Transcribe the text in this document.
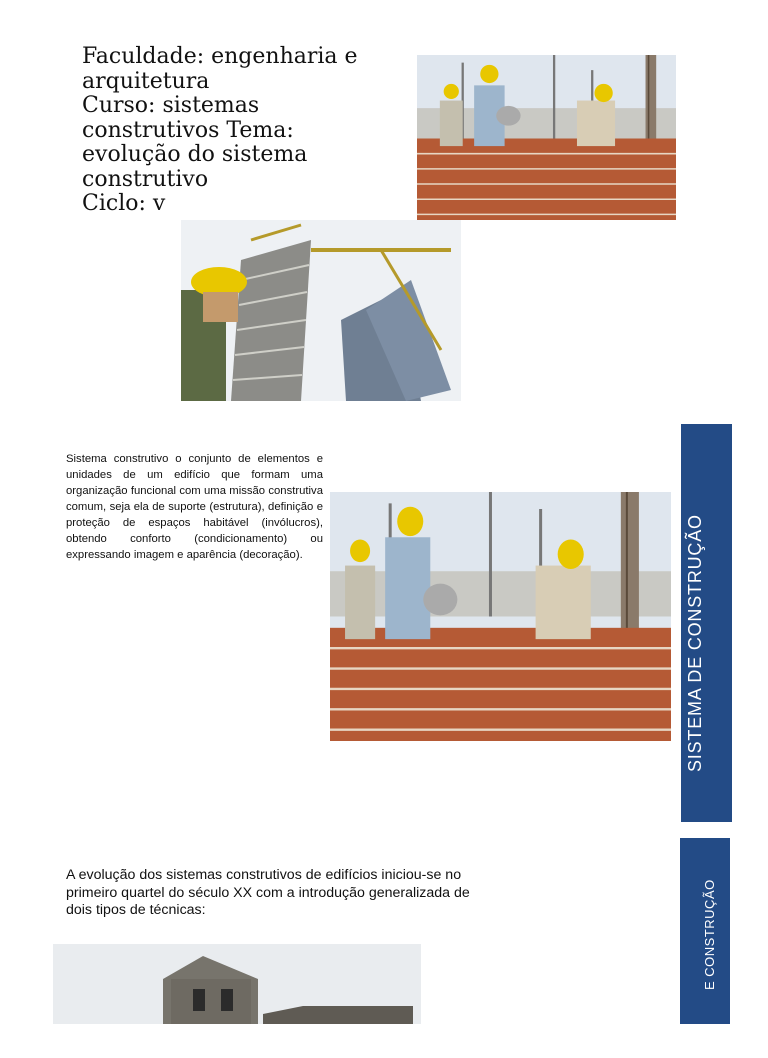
Faculdade: engenharia e
arquitetura
Curso: sistemas
construtivos Tema:
evolução do sistema
construtivo
Ciclo: v
Sistema construtivo o conjunto de elementos e unidades de um edifício que formam uma organização funcional com uma missão construtiva comum, seja ela de suporte (estrutura), definição e proteção de espaços habitável (invólucros), obtendo conforto (condicionamento) ou expressando imagem e aparência (decoração).
A evolução dos sistemas construtivos de edifícios iniciou-se no primeiro quartel do século XX com a introdução generalizada de dois tipos de técnicas:
SISTEMA DE CONSTRUÇÃO
ÇÃO
E CONSTRUÇÃO
